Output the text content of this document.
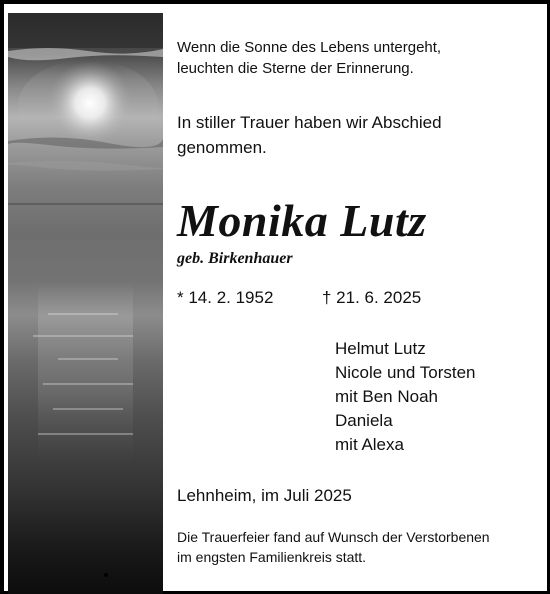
Wenn die Sonne des Lebens untergeht,
leuchten die Sterne der Erinnerung.
In stiller Trauer haben wir Abschied
genommen.
Monika Lutz
geb. Birkenhauer
* 14. 2. 1952	† 21. 6. 2025
Helmut Lutz
Nicole und Torsten
mit Ben Noah
Daniela
mit Alexa
Lehnheim, im Juli 2025
Die Trauerfeier fand auf Wunsch der Verstorbenen
im engsten Familienkreis statt.
